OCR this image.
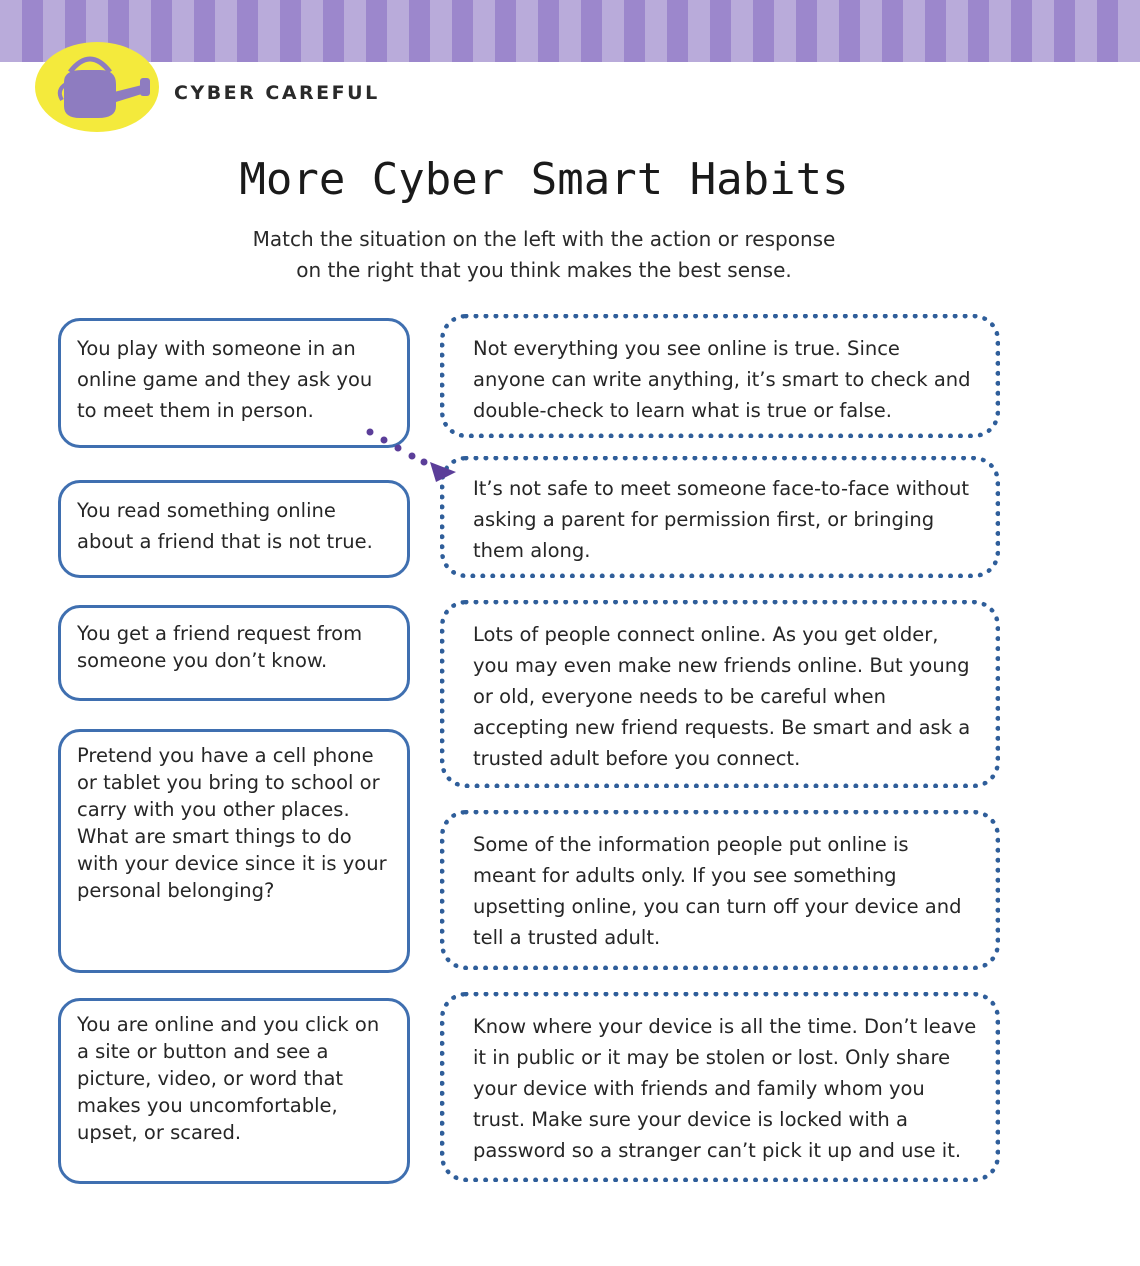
CYBER CAREFUL
More Cyber Smart Habits
Match the situation on the left with the action or response
on the right that you think makes the best sense.
You play with someone in an online game and they ask you to meet them in person.
You read something online about a friend that is not true.
You get a friend request from someone you don’t know.
Pretend you have a cell phone or tablet you bring to school or carry with you other places. What are smart things to do with your device since it is your personal belonging?
You are online and you click on a site or button and see a picture, video, or word that makes you uncomfortable, upset, or scared.
Not everything you see online is true. Since anyone can write anything, it’s smart to check and double-check to learn what is true or false.
It’s not safe to meet someone face-to-face without asking a parent for permission first, or bringing them along.
Lots of people connect online. As you get older, you may even make new friends online. But young or old, everyone needs to be careful when accepting new friend requests. Be smart and ask a trusted adult before you connect.
Some of the information people put online is meant for adults only. If you see something upsetting online, you can turn off your device and tell a trusted adult.
Know where your device is all the time. Don’t leave it in public or it may be stolen or lost. Only share your device with friends and family whom you trust. Make sure your device is locked with a password so a stranger can’t pick it up and use it.
